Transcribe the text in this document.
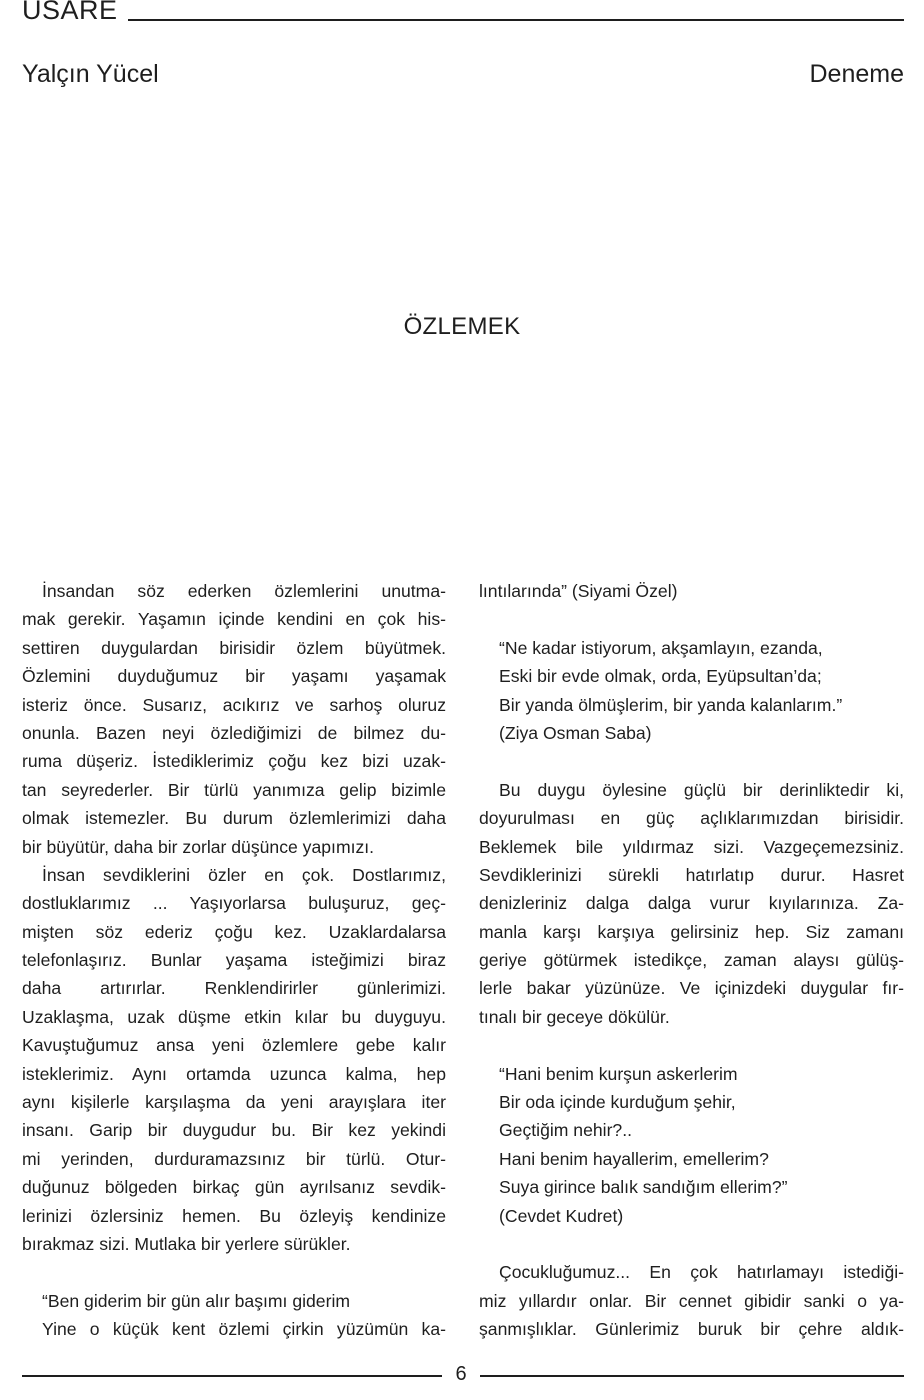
USARE
Yalçın Yücel	Deneme
ÖZLEMEK
İnsandan söz ederken özlemlerini unutma-
mak gerekir. Yaşamın içinde kendini en çok his-
settiren duygulardan birisidir özlem büyütmek.
Özlemini duyduğumuz bir yaşamı yaşamak
isteriz önce. Susarız, acıkırız ve sarhoş oluruz
onunla. Bazen neyi özlediğimizi de bilmez du-
ruma düşeriz. İstediklerimiz çoğu kez bizi uzak-
tan seyrederler. Bir türlü yanımıza gelip bizimle
olmak istemezler. Bu durum özlemlerimizi daha
bir büyütür, daha bir zorlar düşünce yapımızı.
İnsan sevdiklerini özler en çok. Dostlarımız,
dostluklarımız ... Yaşıyorlarsa buluşuruz, geç-
mişten söz ederiz çoğu kez. Uzaklardalarsa
telefonlaşırız. Bunlar yaşama isteğimizi biraz
daha artırırlar. Renklendirirler günlerimizi.
Uzaklaşma, uzak düşme etkin kılar bu duyguyu.
Kavuştuğumuz ansa yeni özlemlere gebe kalır
isteklerimiz. Aynı ortamda uzunca kalma, hep
aynı kişilerle karşılaşma da yeni arayışlara iter
insanı. Garip bir duygudur bu. Bir kez yekindi
mi yerinden, durduramazsınız bir türlü. Otur-
duğunuz bölgeden birkaç gün ayrılsanız sevdik-
lerinizi özlersiniz hemen. Bu özleyiş kendinize
bırakmaz sizi. Mutlaka bir yerlere sürükler.
“Ben giderim bir gün alır başımı giderim
Yine o küçük kent özlemi çirkin yüzümün ka-
lıntılarında” (Siyami Özel)
“Ne kadar istiyorum, akşamlayın, ezanda,
Eski bir evde olmak, orda, Eyüpsultan’da;
Bir yanda ölmüşlerim, bir yanda kalanlarım.”
(Ziya Osman Saba)
Bu duygu öylesine güçlü bir derinliktedir ki,
doyurulması en güç açlıklarımızdan birisidir.
Beklemek bile yıldırmaz sizi. Vazgeçemezsiniz.
Sevdiklerinizi sürekli hatırlatıp durur. Hasret
denizleriniz dalga dalga vurur kıyılarınıza. Za-
manla karşı karşıya gelirsiniz hep. Siz zamanı
geriye götürmek istedikçe, zaman alaysı gülüş-
lerle bakar yüzünüze. Ve içinizdeki duygular fır-
tınalı bir geceye dökülür.
“Hani benim kurşun askerlerim
Bir oda içinde kurduğum şehir,
Geçtiğim nehir?..
Hani benim hayallerim, emellerim?
Suya girince balık sandığım ellerim?”
(Cevdet Kudret)
Çocukluğumuz... En çok hatırlamayı istediği-
miz yıllardır onlar. Bir cennet gibidir sanki o ya-
şanmışlıklar. Günlerimiz buruk bir çehre aldık-
6
